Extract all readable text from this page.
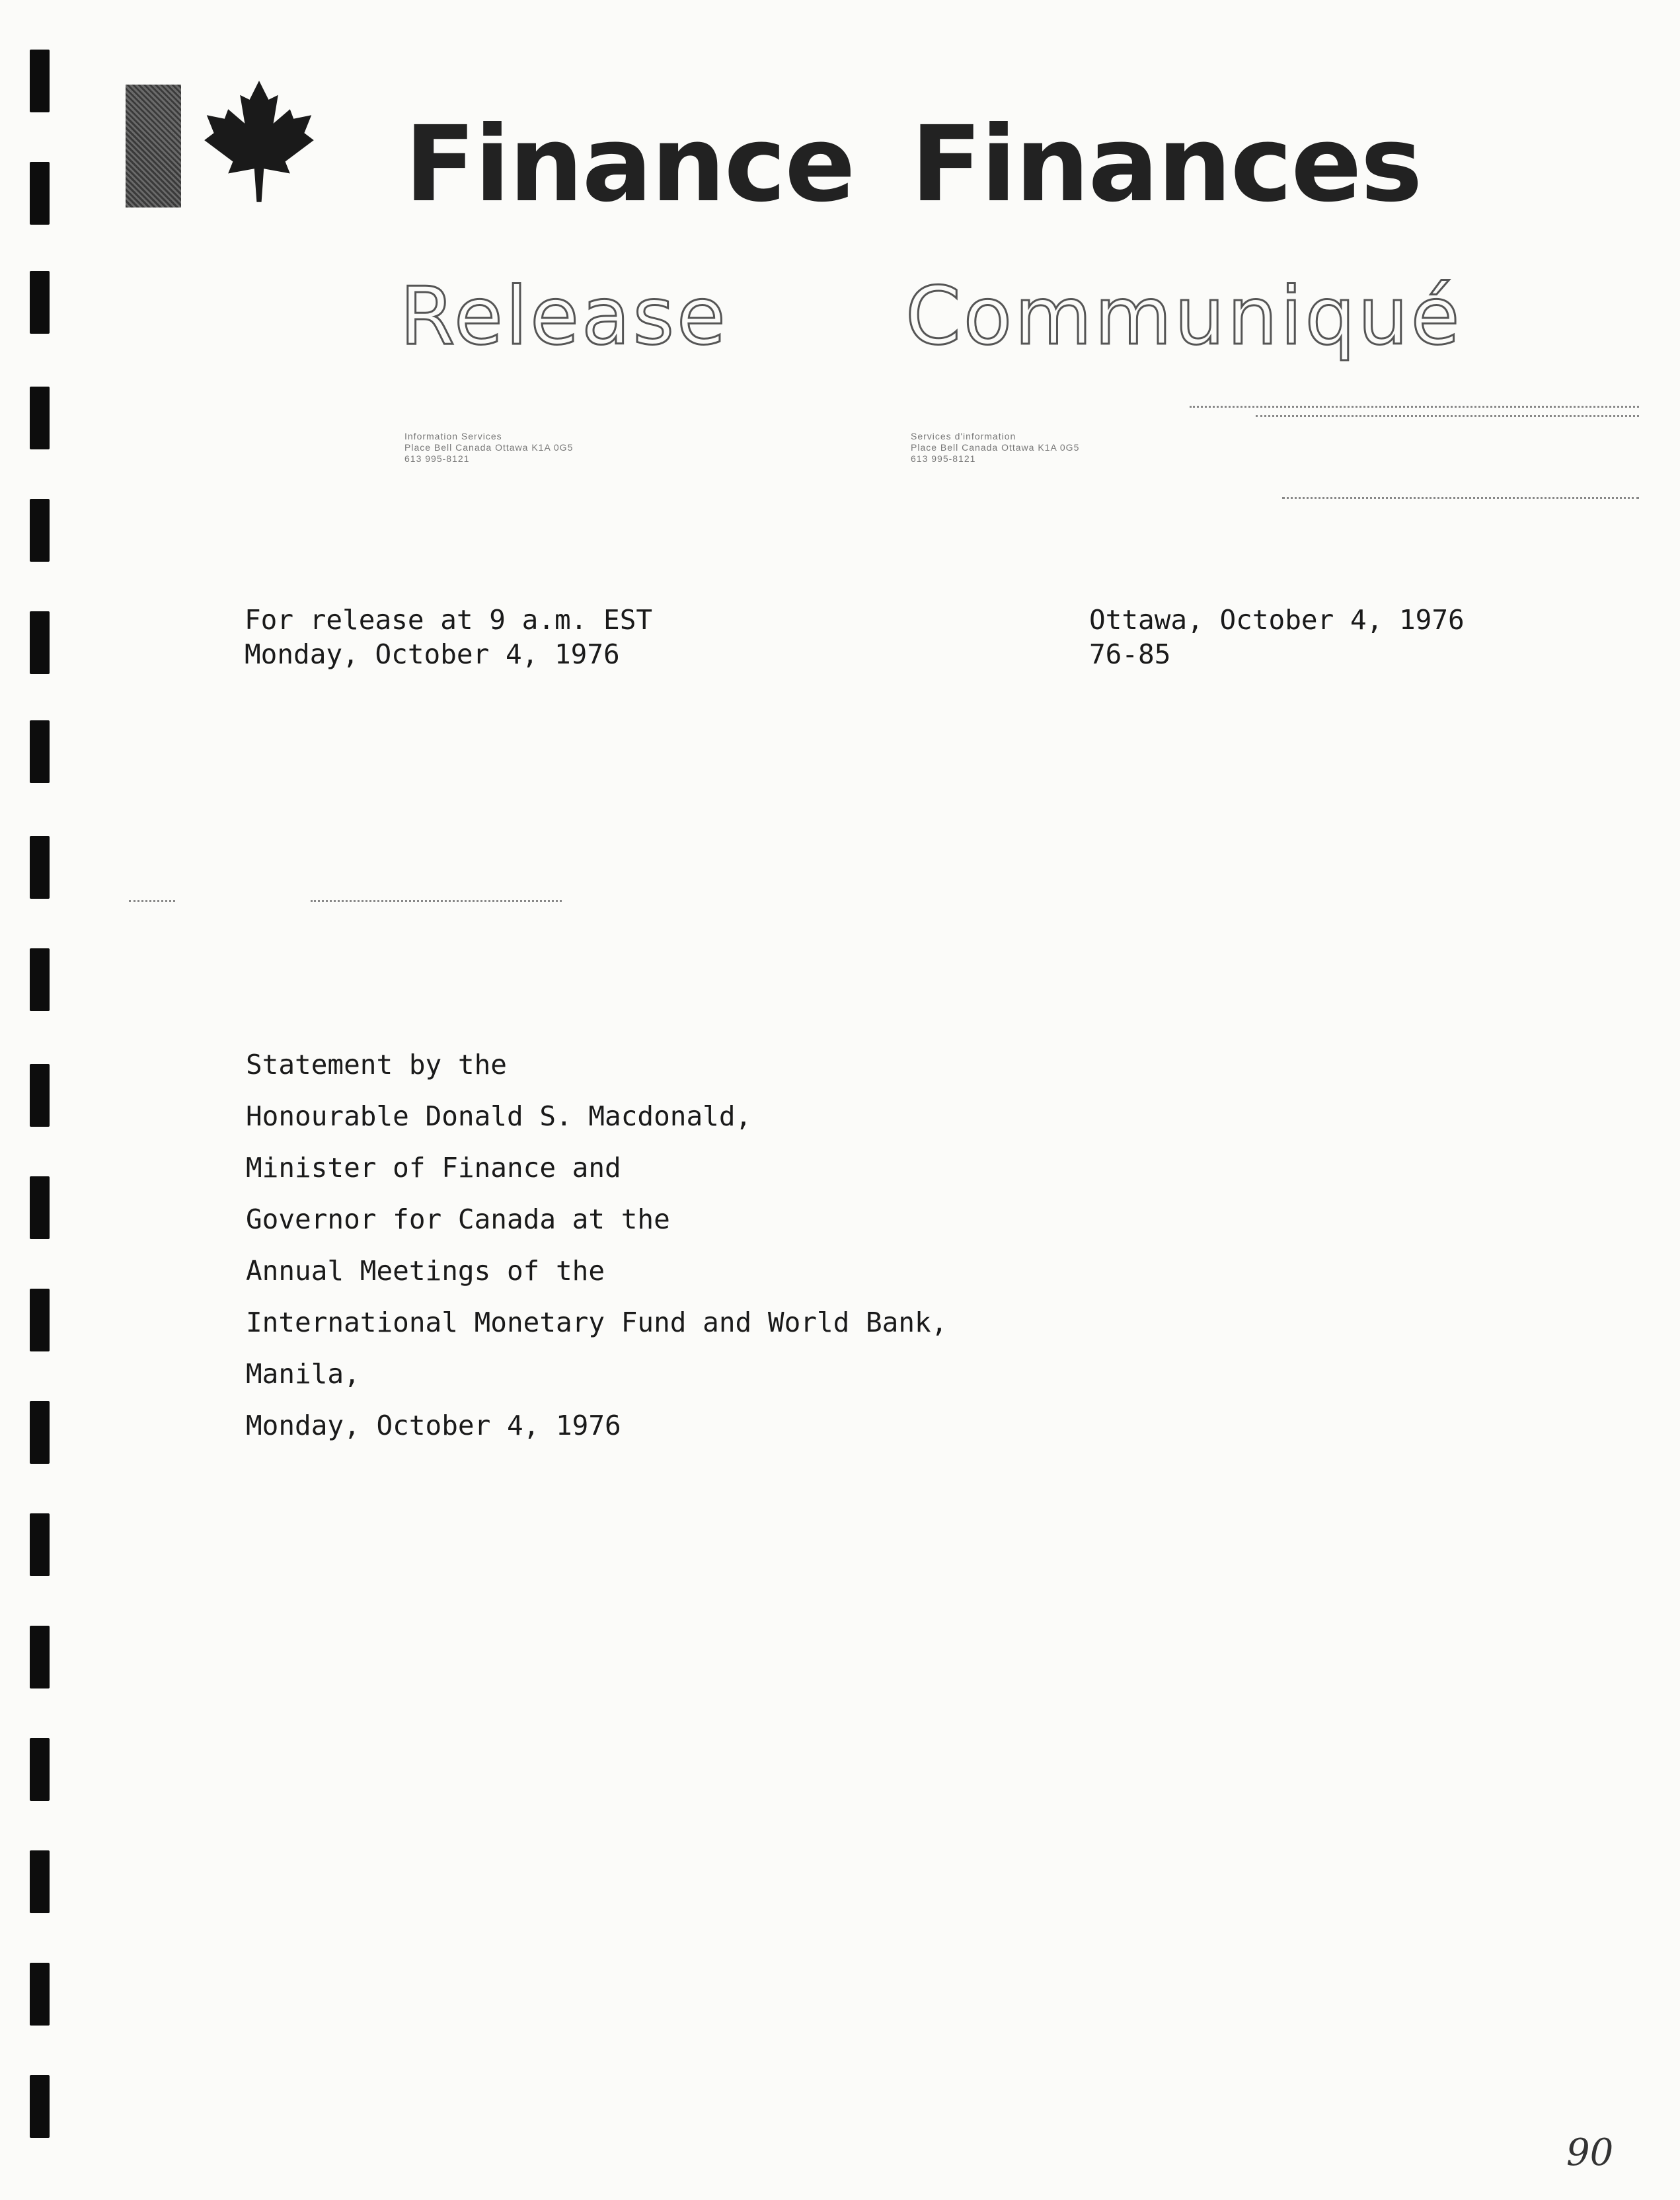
Finance Finances
Release Communiqué
Information Services
Place Bell Canada Ottawa K1A 0G5
613 995-8121
Services d'information
Place Bell Canada Ottawa K1A 0G5
613 995-8121
For release at 9 a.m. EST
Monday, October 4, 1976
Ottawa, October 4, 1976
76-85
Statement by the
Honourable Donald S. Macdonald,
Minister of Finance and
Governor for Canada at the
Annual Meetings of the
International Monetary Fund and World Bank,
Manila,
Monday, October 4, 1976
90
